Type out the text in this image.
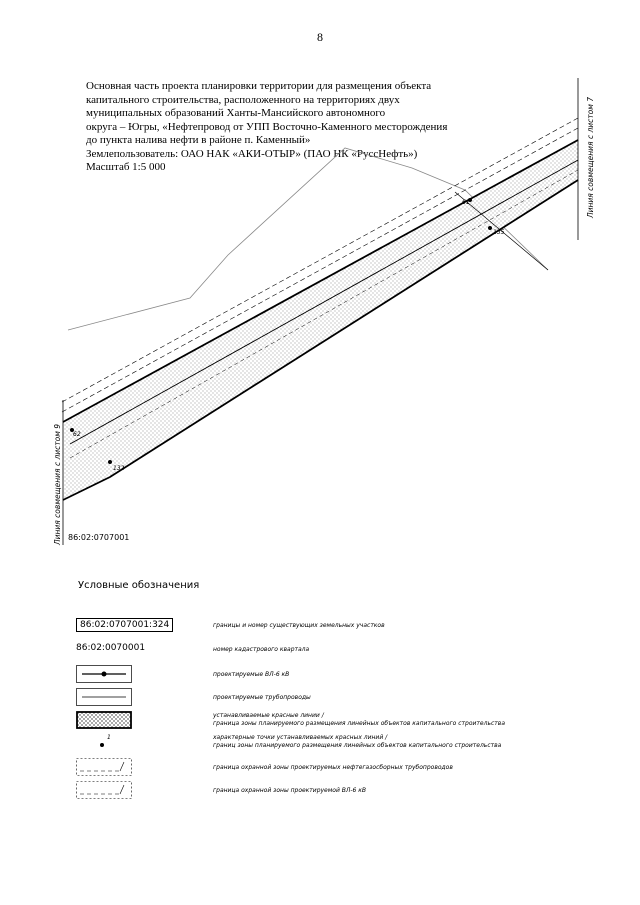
8
Основная часть проекта планировки территории для размещения объекта
капитального строительства, расположенного на территориях двух
муниципальных образований Ханты-Мансийского автономного
округа – Югры, «Нефтепровод от УПП Восточно-Каменного месторождения
до пункта налива нефти в районе п. Каменный»
Землепользователь: ОАО НАК «АКИ-ОТЫР» (ПАО НК «РуссНефть»)
Масштаб 1:5 000
61
135
62
132
Линия совмещения с листом 7
Линия совмещения с листом 9 86:02:0707001
Условные обозначения
86:02:0707001:324	границы и номер существующих земельных участков
86:02:0070001	номер кадастрового квартала
проектируемые ВЛ-6 кВ
проектируемые трубопроводы
устанавливаемые красные линии /
граница зоны планируемого размещения линейных объектов капитального строительства
1	характерные точки устанавливаемых красных линий /
границ зоны планируемого размещения линейных объектов капитального строительства
граница охранной зоны проектируемых нефтегазосборных трубопроводов
граница охранной зоны проектируемой ВЛ-6 кВ
